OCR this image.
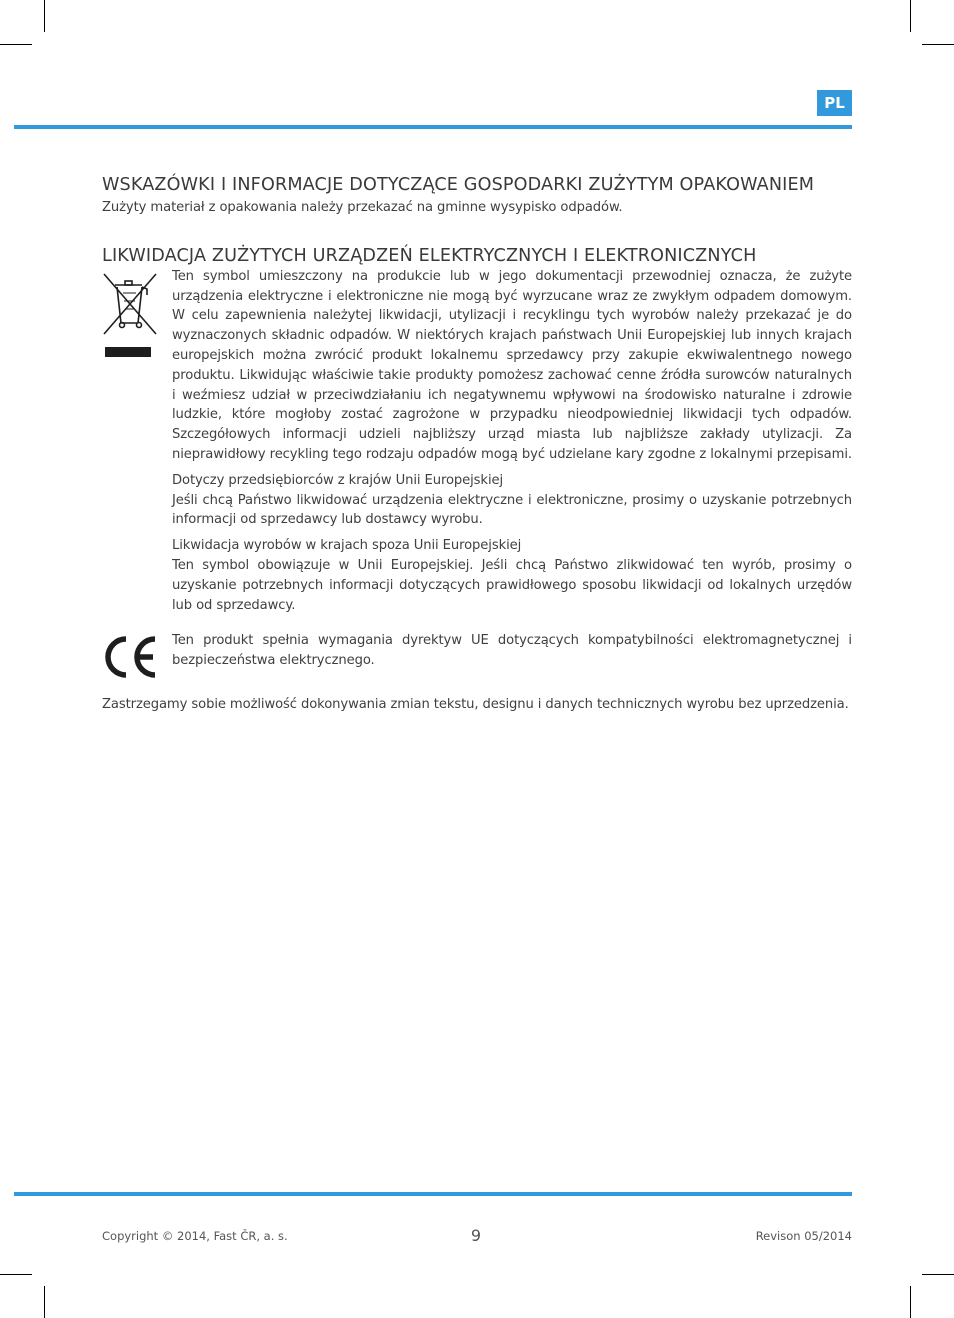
PL
WSKAZÓWKI I INFORMACJE DOTYCZĄCE GOSPODARKI ZUŻYTYM OPAKOWANIEM

Zużyty materiał z opakowania należy przekazać na gminne wysypisko odpadów.

LIKWIDACJA ZUŻYTYCH URZĄDZEŃ ELEKTRYCZNYCH I ELEKTRONICZNYCH

Ten symbol umieszczony na produkcie lub w jego dokumentacji przewodniej oznacza, że zużyte urządzenia elektryczne i elektroniczne nie mogą być wyrzucane wraz ze zwykłym odpadem domowym. W celu zapewnienia należytej likwidacji, utylizacji i recyklingu tych wyrobów należy przekazać je do wyznaczonych składnic odpadów. W niektórych krajach państwach Unii Europejskiej lub innych krajach europejskich można zwrócić produkt lokalnemu sprzedawcy przy zakupie ekwiwalentnego nowego produktu. Likwidując właściwie takie produkty pomożesz zachować cenne źródła surowców naturalnych i weźmiesz udział w przeciwdziałaniu ich negatywnemu wpływowi na środowisko naturalne i zdrowie ludzkie, które mogłoby zostać zagrożone w przypadku nieodpowiedniej likwidacji tych odpadów. Szczegółowych informacji udzieli najbliższy urząd miasta lub najbliższe zakłady utylizacji. Za nieprawidłowy recykling tego rodzaju odpadów mogą być udzielane kary zgodne z lokalnymi przepisami.

Dotyczy przedsiębiorców z krajów Unii Europejskiej

Jeśli chcą Państwo likwidować urządzenia elektryczne i elektroniczne, prosimy o uzyskanie potrzebnych informacji od sprzedawcy lub dostawcy wyrobu.

Likwidacja wyrobów w krajach spoza Unii Europejskiej

Ten symbol obowiązuje w Unii Europejskiej. Jeśli chcą Państwo zlikwidować ten wyrób, prosimy o uzyskanie potrzebnych informacji dotyczących prawidłowego sposobu likwidacji od lokalnych urzędów lub od sprzedawcy.

Ten produkt spełnia wymagania dyrektyw UE dotyczących kompatybilności elektromagnetycznej i bezpieczeństwa elektrycznego.

Zastrzegamy sobie możliwość dokonywania zmian tekstu, designu i danych technicznych wyrobu bez uprzedzenia.

Copyright © 2014, Fast ČR, a. s.	9	Revison 05/2014
